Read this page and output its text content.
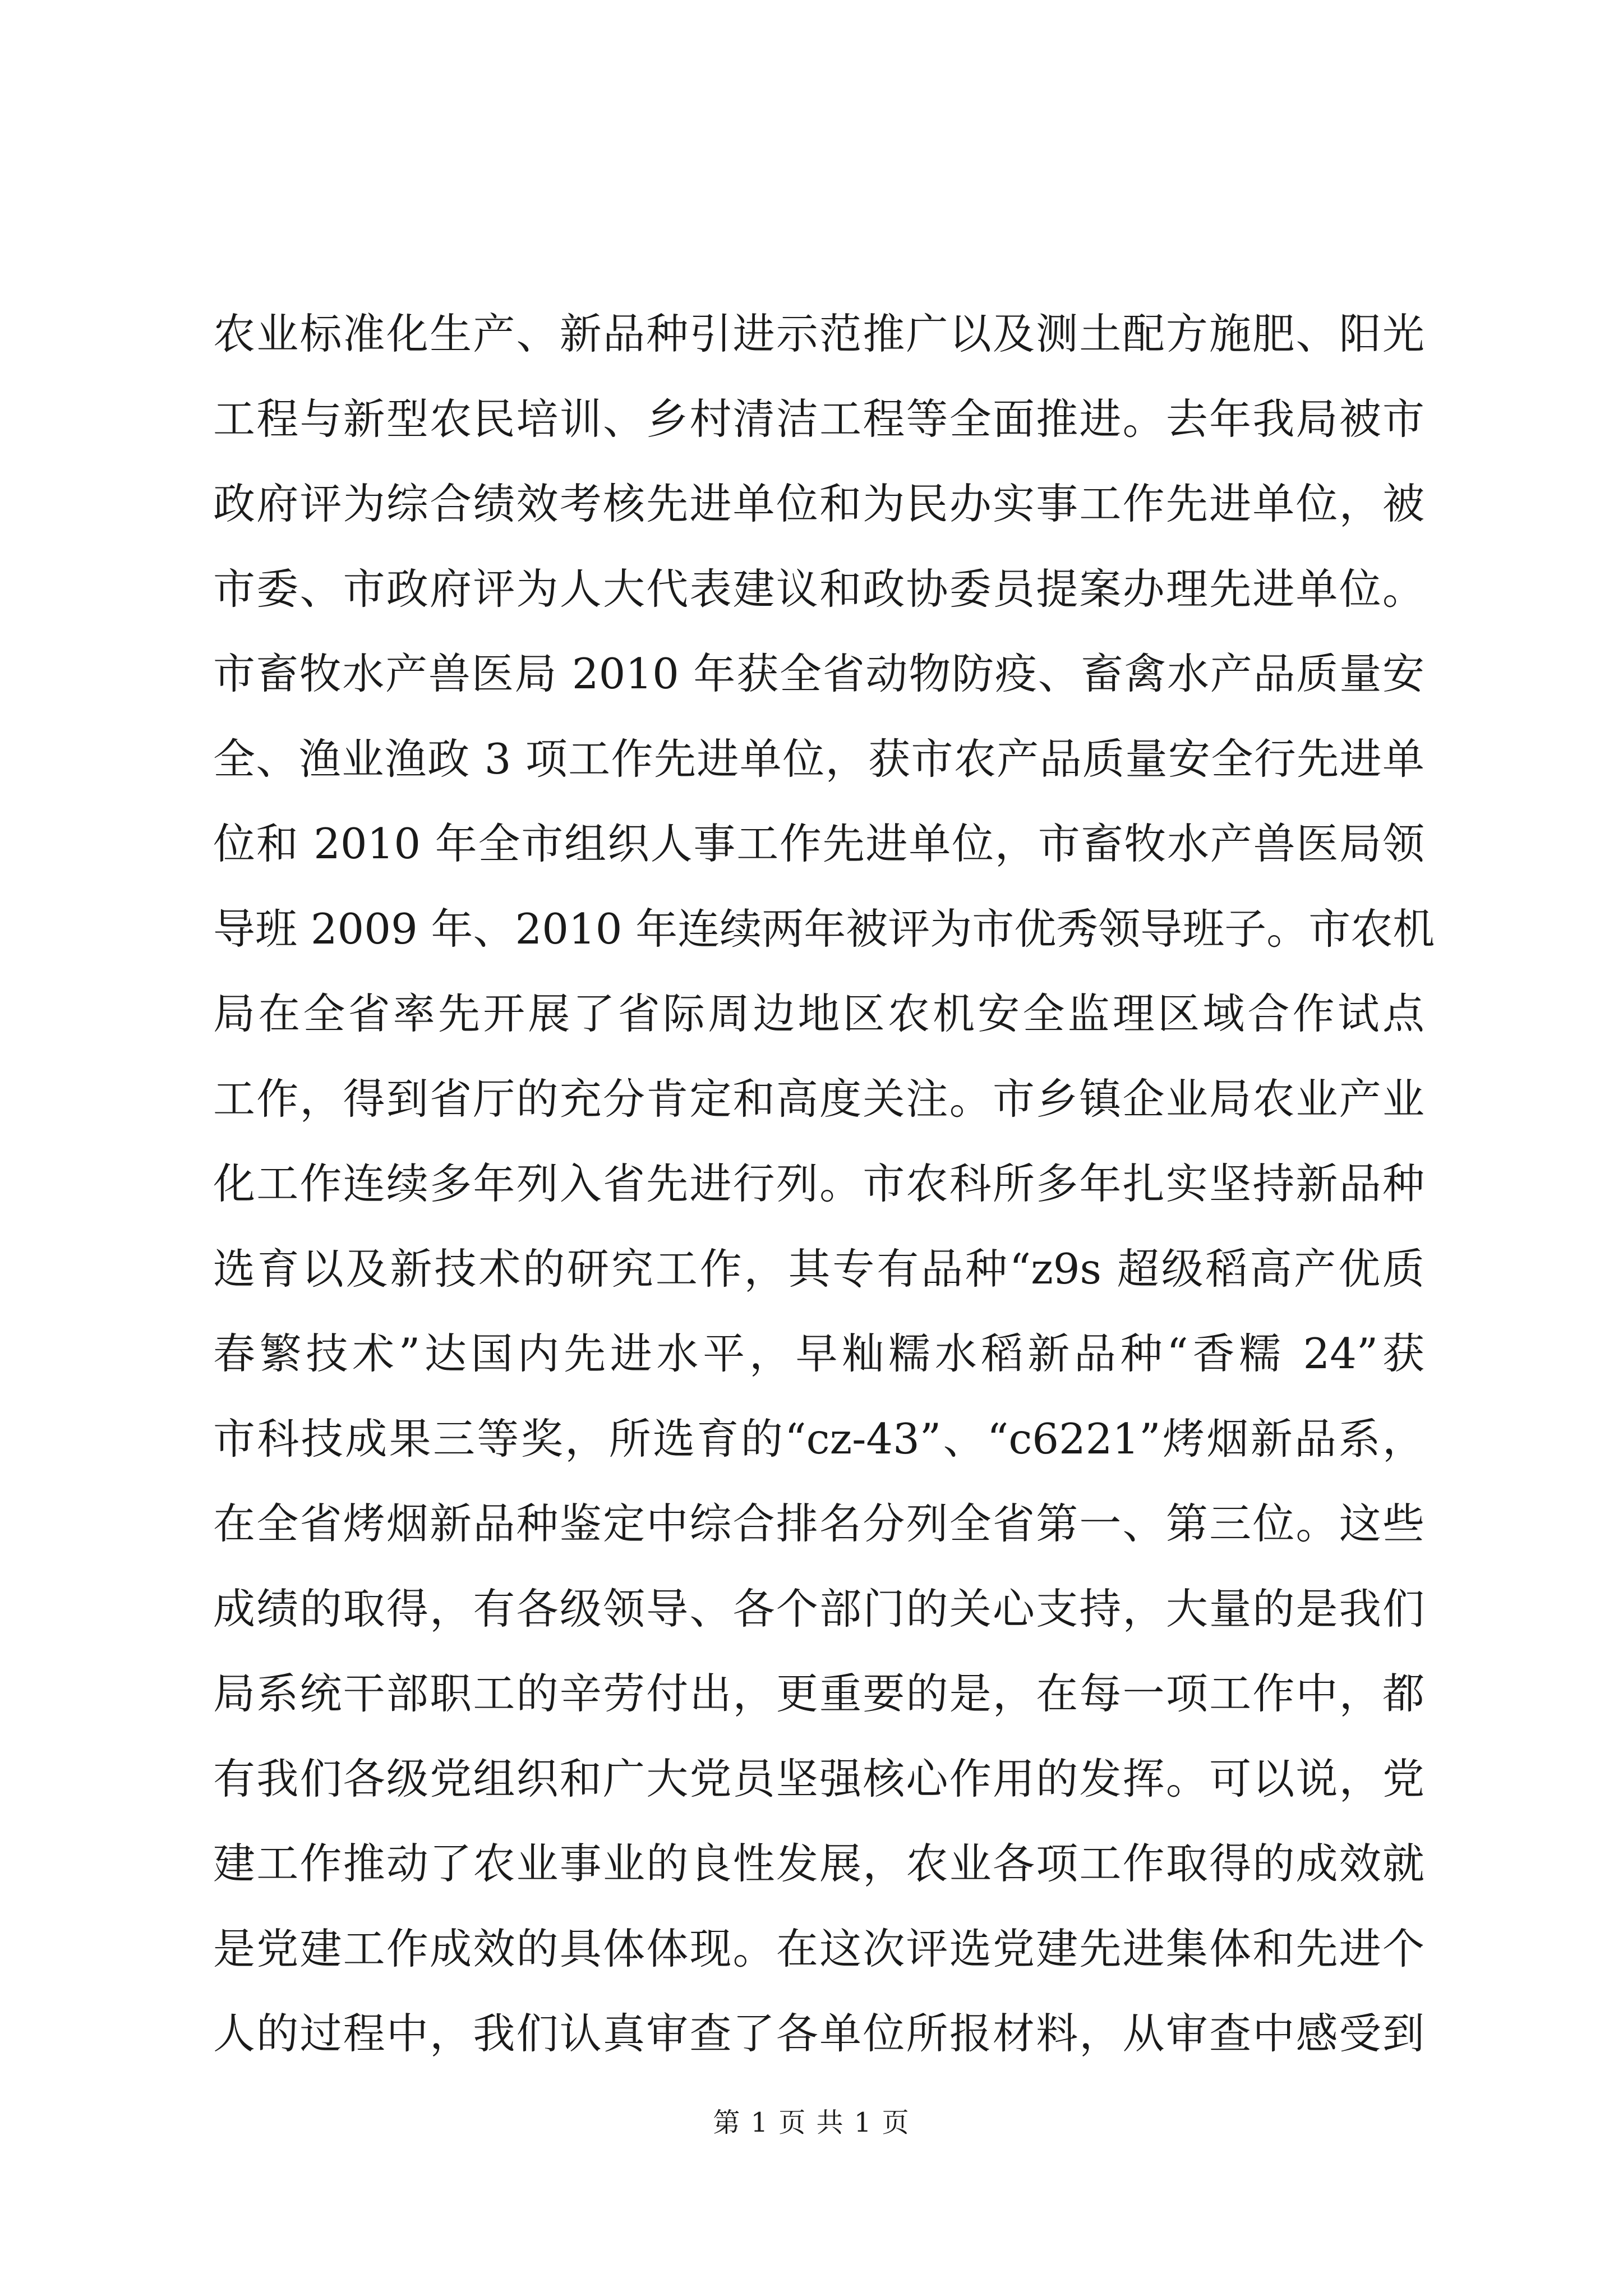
农业标准化生产、新品种引进示范推广以及测土配方施肥、阳光
工程与新型农民培训、乡村清洁工程等全面推进。去年我局被市
政府评为综合绩效考核先进单位和为民办实事工作先进单位，被
市委、市政府评为人大代表建议和政协委员提案办理先进单位。
市畜牧水产兽医局 2010 年获全省动物防疫、畜禽水产品质量安
全、渔业渔政 3 项工作先进单位，获市农产品质量安全行先进单
位和 2010 年全市组织人事工作先进单位，市畜牧水产兽医局领
导班 2009 年、2010 年连续两年被评为市优秀领导班子。市农机
局在全省率先开展了省际周边地区农机安全监理区域合作试点
工作，得到省厅的充分肯定和高度关注。市乡镇企业局农业产业
化工作连续多年列入省先进行列。市农科所多年扎实坚持新品种
选育以及新技术的研究工作，其专有品种“z9s 超级稻高产优质
春繁技术”达国内先进水平，早籼糯水稻新品种“香糯 24”获
市科技成果三等奖，所选育的“cz-43”、“c6221”烤烟新品系，
在全省烤烟新品种鉴定中综合排名分列全省第一、第三位。这些
成绩的取得，有各级领导、各个部门的关心支持，大量的是我们
局系统干部职工的辛劳付出，更重要的是，在每一项工作中，都
有我们各级党组织和广大党员坚强核心作用的发挥。可以说，党
建工作推动了农业事业的良性发展，农业各项工作取得的成效就
是党建工作成效的具体体现。在这次评选党建先进集体和先进个
人的过程中，我们认真审查了各单位所报材料，从审查中感受到
第 1 页 共 1 页
